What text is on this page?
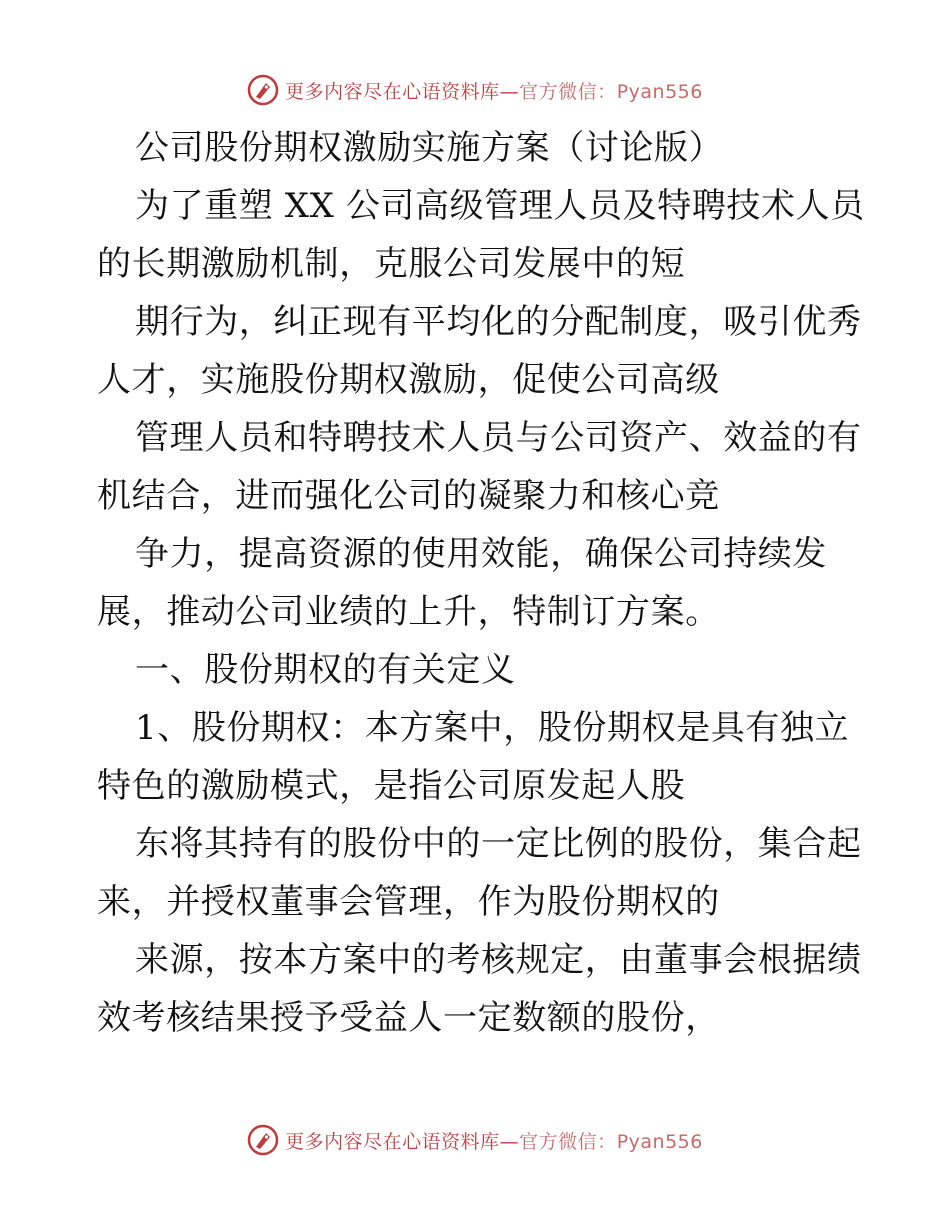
更多内容尽在心语资料库—官方微信：Pyan556
公司股份期权激励实施方案（讨论版）
为了重塑 XX 公司高级管理人员及特聘技术人员
的长期激励机制，克服公司发展中的短
期行为，纠正现有平均化的分配制度，吸引优秀
人才，实施股份期权激励，促使公司高级
管理人员和特聘技术人员与公司资产、效益的有
机结合，进而强化公司的凝聚力和核心竞
争力，提高资源的使用效能，确保公司持续发
展，推动公司业绩的上升，特制订方案。
一、股份期权的有关定义
1、股份期权：本方案中，股份期权是具有独立
特色的激励模式，是指公司原发起人股
东将其持有的股份中的一定比例的股份，集合起
来，并授权董事会管理，作为股份期权的
来源，按本方案中的考核规定，由董事会根据绩
效考核结果授予受益人一定数额的股份，
更多内容尽在心语资料库—官方微信：Pyan556
